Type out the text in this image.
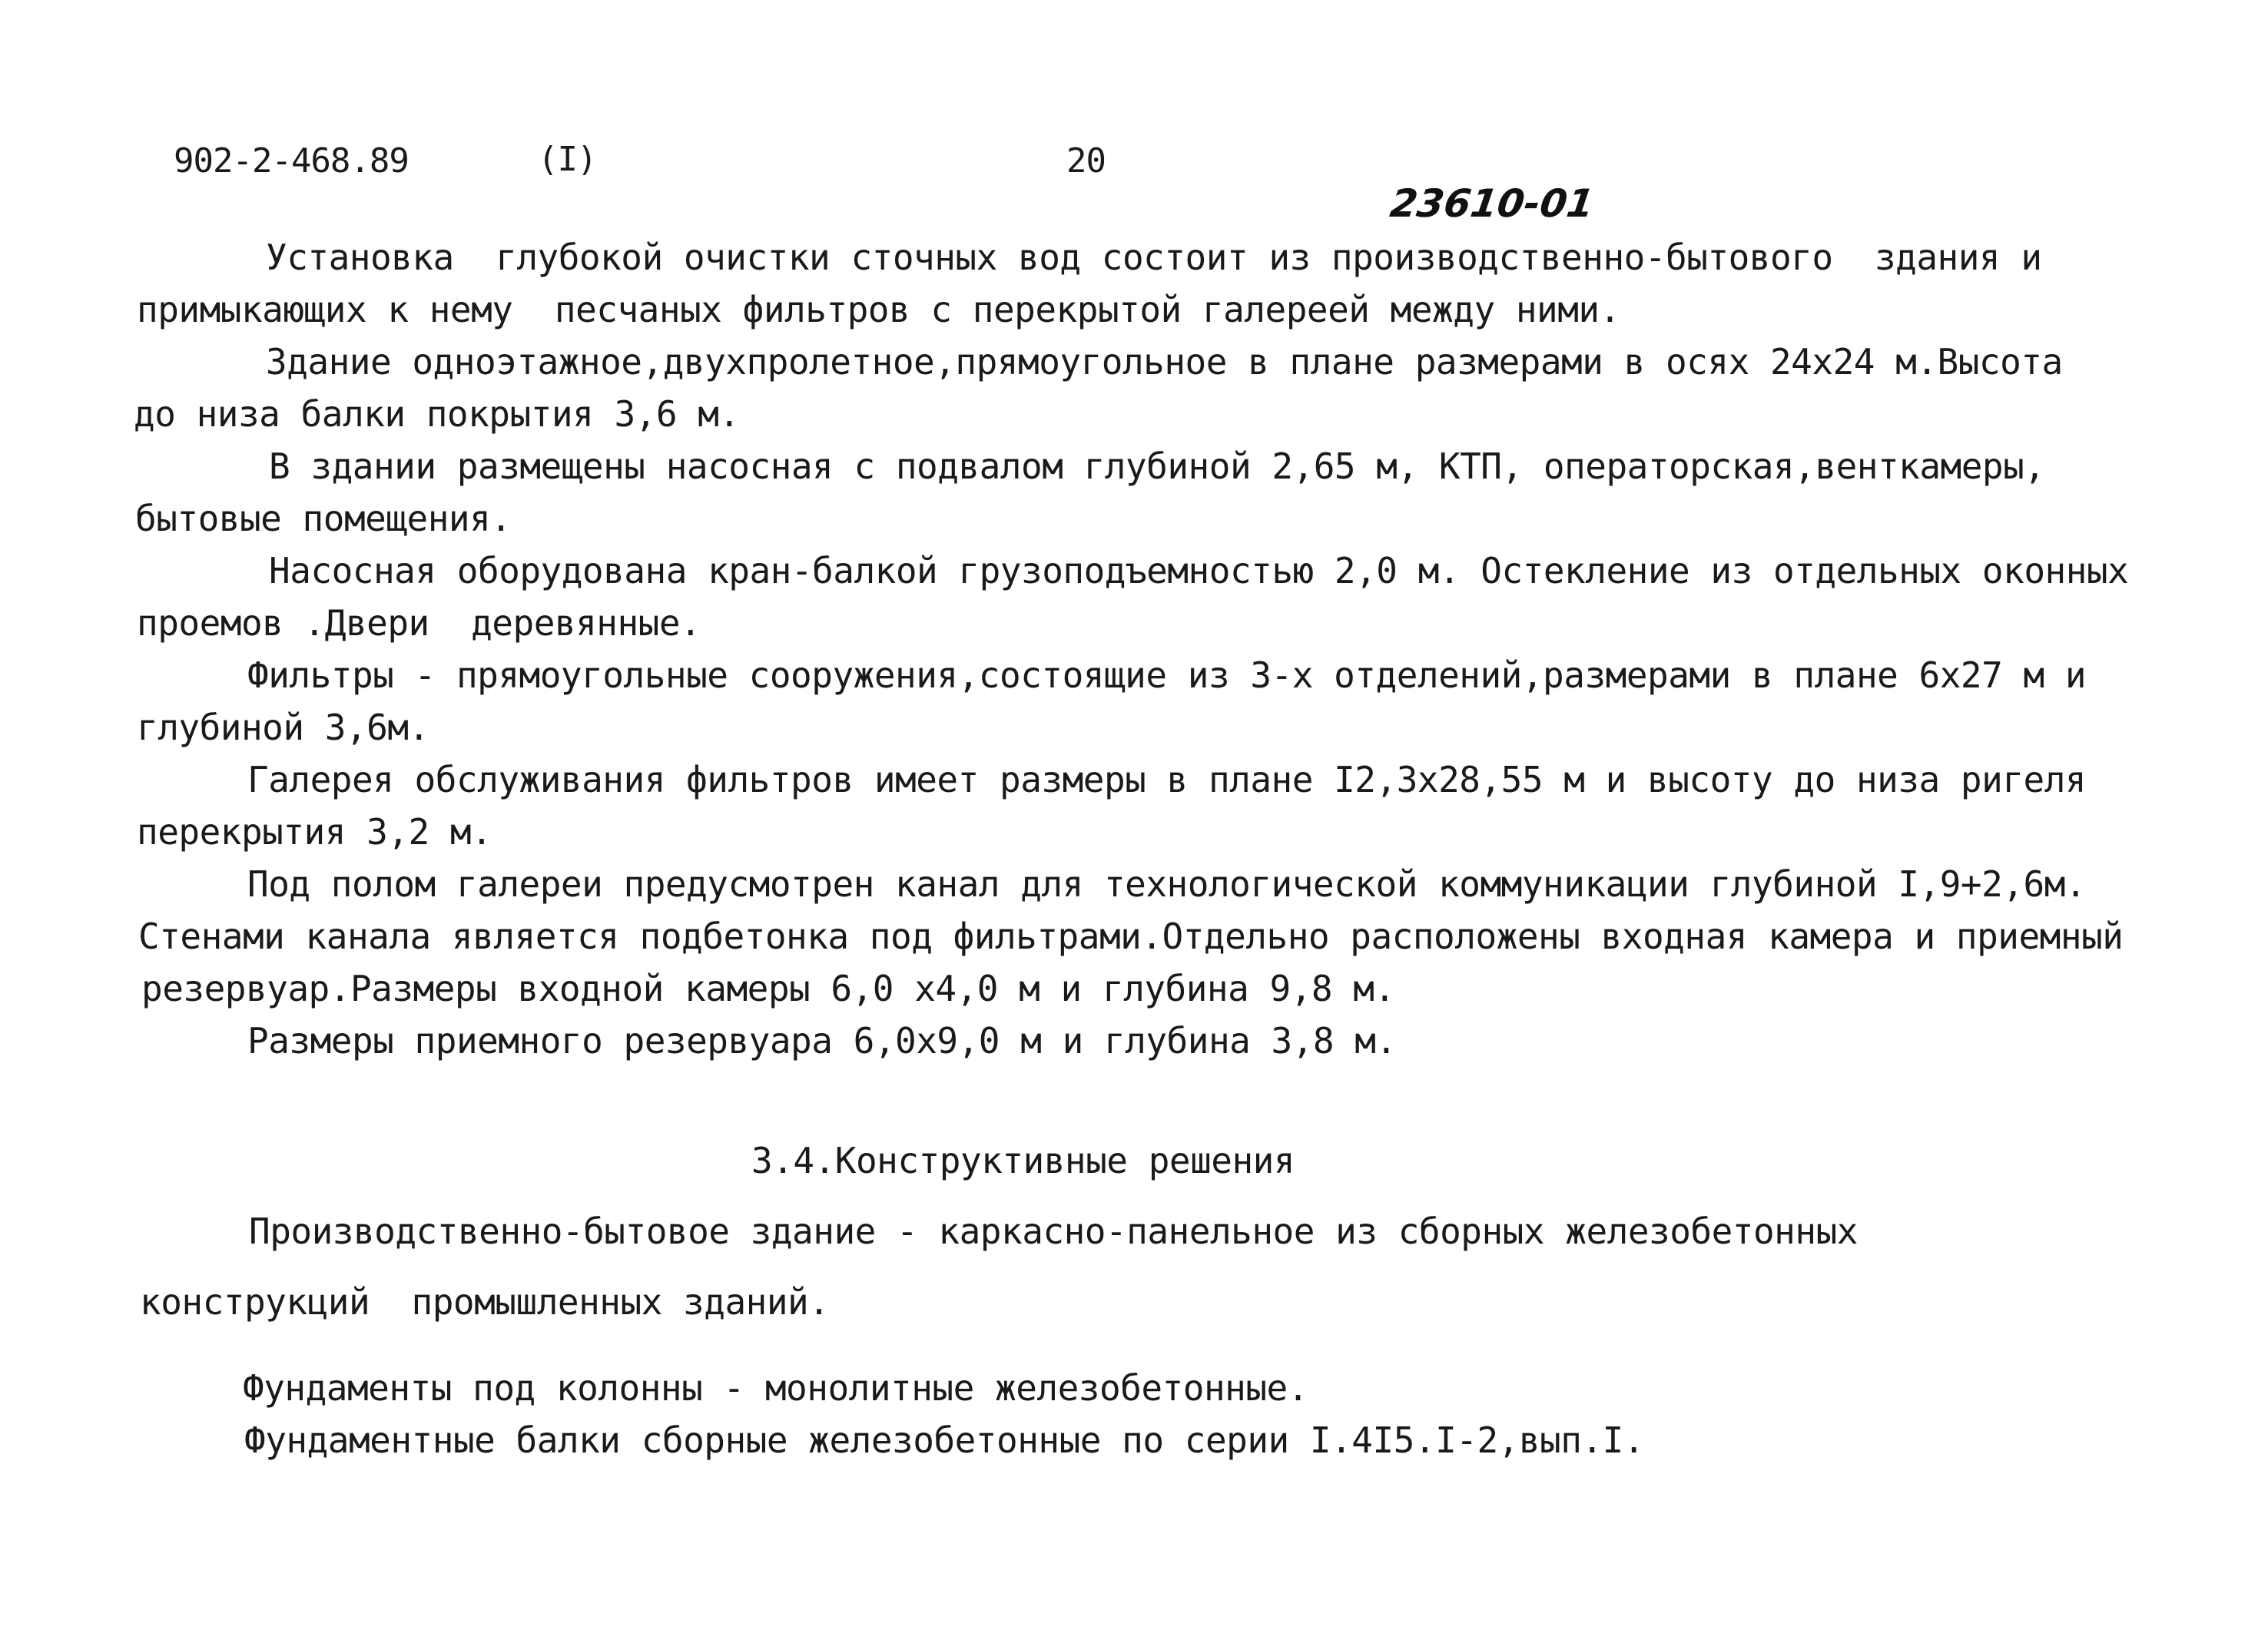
902-2-468.89	(I)	20
23610-01
Установка  глубокой очистки сточных вод состоит из производственно-бытового  здания и
примыкающих к нему  песчаных фильтров с перекрытой галереей между ними.
Здание одноэтажное,двухпролетное,прямоугольное в плане размерами в осях 24х24 м.Высота
до низа балки покрытия 3,6 м.
В здании размещены насосная с подвалом глубиной 2,65 м, КТП, операторская,венткамеры,
бытовые помещения.
Насосная оборудована кран-балкой грузоподъемностью 2,0 м. Остекление из отдельных оконных
проемов .Двери  деревянные.
Фильтры - прямоугольные сооружения,состоящие из 3-х отделений,размерами в плане 6х27 м и
глубиной 3,6м.
Галерея обслуживания фильтров имеет размеры в плане I2,3х28,55 м и высоту до низа ригеля
перекрытия 3,2 м.
Под полом галереи предусмотрен канал для технологической коммуникации глубиной I,9+2,6м.
Стенами канала является подбетонка под фильтрами.Отдельно расположены входная камера и приемный
резервуар.Размеры входной камеры 6,0 х4,0 м и глубина 9,8 м.
Размеры приемного резервуара 6,0х9,0 м и глубина 3,8 м.
3.4.Конструктивные решения
Производственно-бытовое здание - каркасно-панельное из сборных железобетонных
конструкций  промышленных зданий.
Фундаменты под колонны - монолитные железобетонные.
Фундаментные балки сборные железобетонные по серии I.4I5.I-2,вып.I.
